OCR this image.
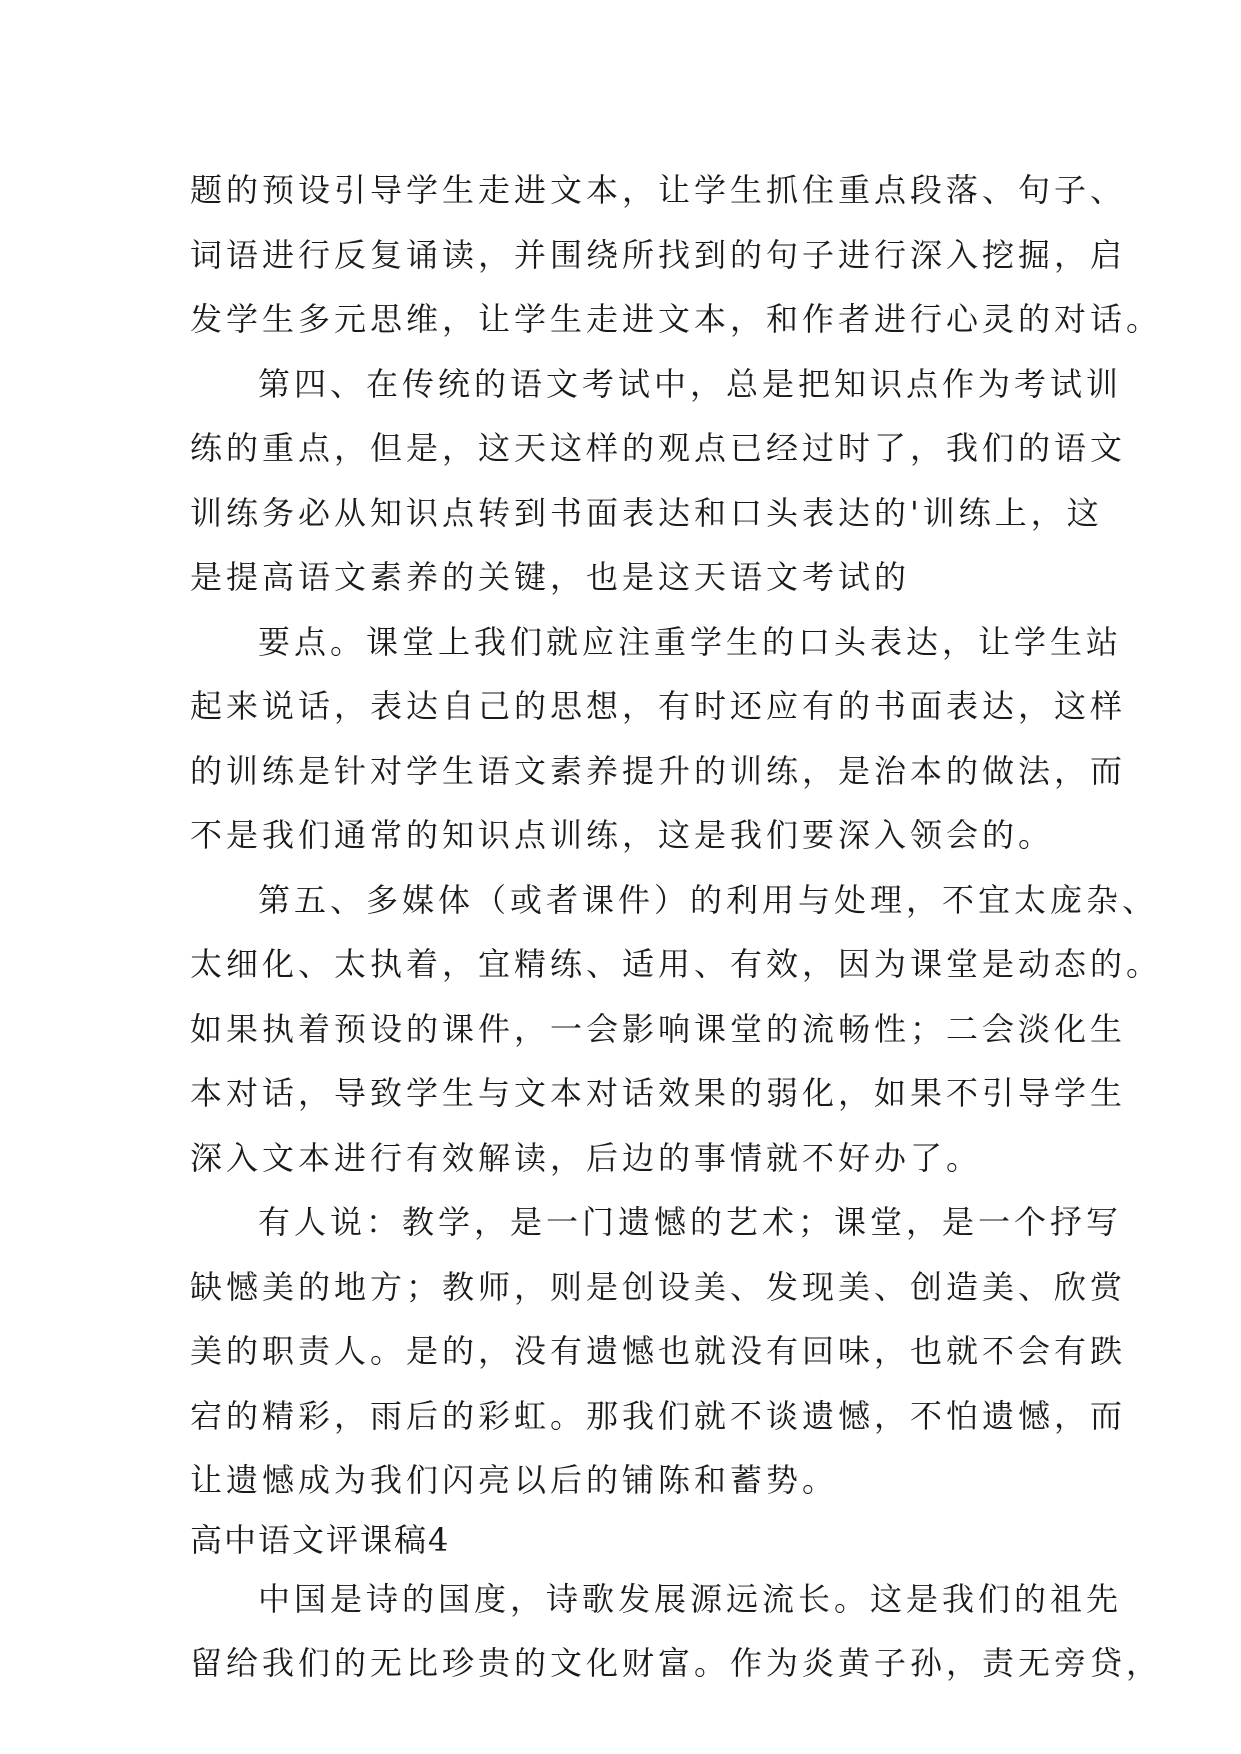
题的预设引导学生走进文本，让学生抓住重点段落、句子、

词语进行反复诵读，并围绕所找到的句子进行深入挖掘，启

发学生多元思维，让学生走进文本，和作者进行心灵的对话。

第四、在传统的语文考试中，总是把知识点作为考试训

练的重点，但是，这天这样的观点已经过时了，我们的语文

训练务必从知识点转到书面表达和口头表达的'训练上，这

是提高语文素养的关键，也是这天语文考试的

要点。课堂上我们就应注重学生的口头表达，让学生站

起来说话，表达自己的思想，有时还应有的书面表达，这样

的训练是针对学生语文素养提升的训练，是治本的做法，而

不是我们通常的知识点训练，这是我们要深入领会的。

第五、多媒体（或者课件）的利用与处理，不宜太庞杂、

太细化、太执着，宜精练、适用、有效，因为课堂是动态的。

如果执着预设的课件，一会影响课堂的流畅性；二会淡化生

本对话，导致学生与文本对话效果的弱化，如果不引导学生

深入文本进行有效解读，后边的事情就不好办了。

有人说：教学，是一门遗憾的艺术；课堂，是一个抒写

缺憾美的地方；教师，则是创设美、发现美、创造美、欣赏

美的职责人。是的，没有遗憾也就没有回味，也就不会有跌

宕的精彩，雨后的彩虹。那我们就不谈遗憾，不怕遗憾，而

让遗憾成为我们闪亮以后的铺陈和蓄势。

高中语文评课稿4

中国是诗的国度，诗歌发展源远流长。这是我们的祖先

留给我们的无比珍贵的文化财富。作为炎黄子孙，责无旁贷，
